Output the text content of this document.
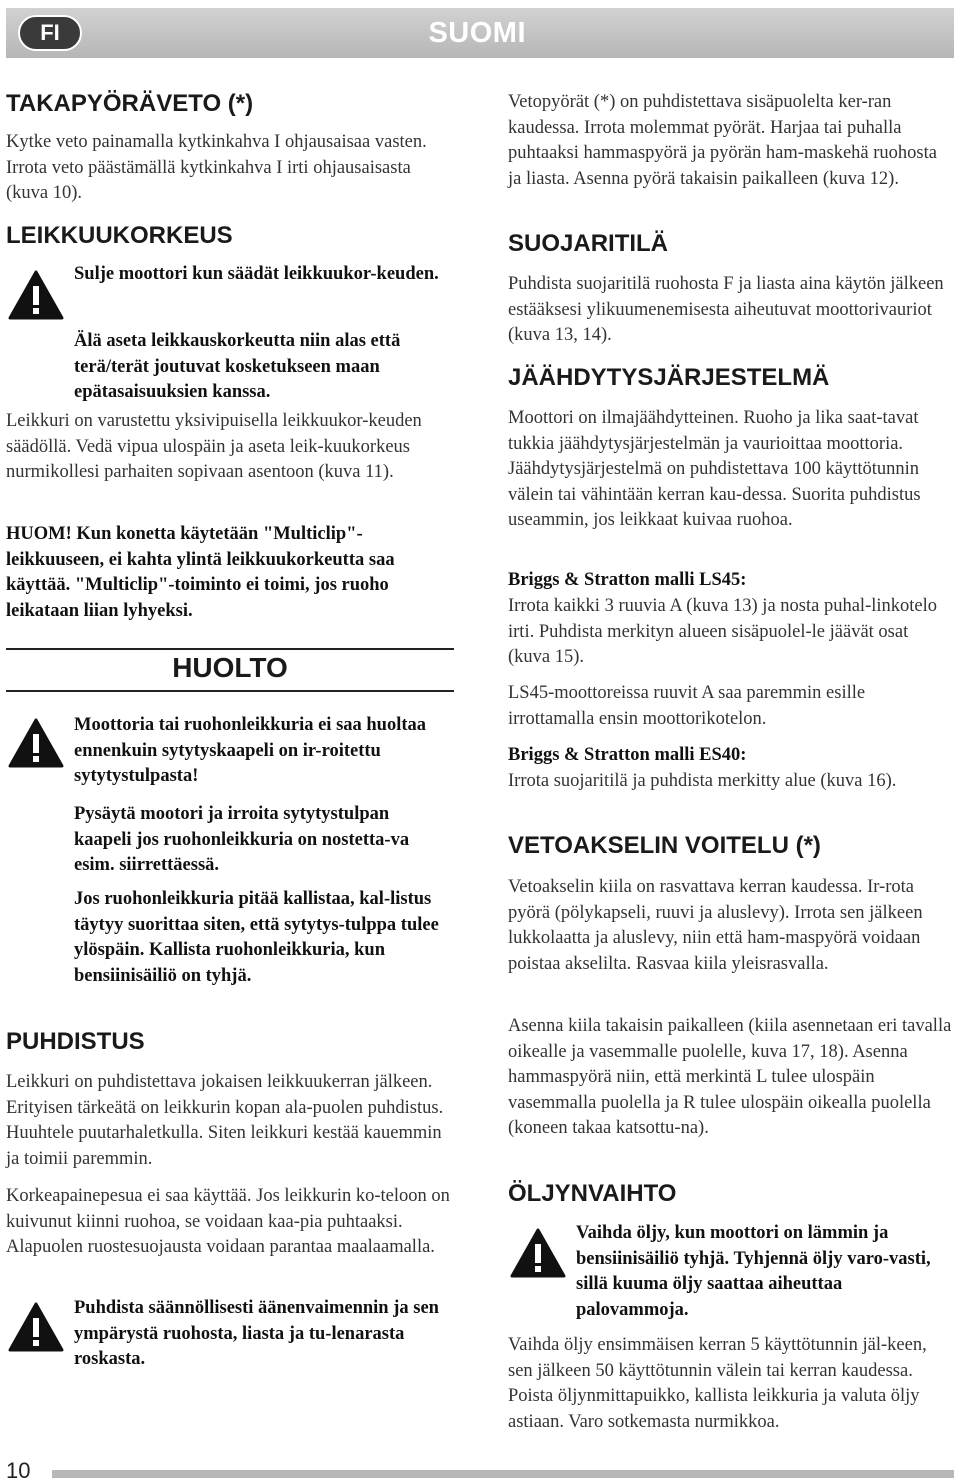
FI	SUOMI
TAKAPYÖRÄVETO (*)

Kytke veto painamalla kytkinkahva I ohjausaisaa vasten. Irrota veto päästämällä kytkinkahva I irti ohjausaisasta (kuva 10).

LEIKKUUKORKEUS

Sulje moottori kun säädät leikkuukor-keuden.

Älä aseta leikkauskorkeutta niin alas että terä/terät joutuvat kosketukseen maan epätasaisuuksien kanssa.

Leikkuri on varustettu yksivipuisella leikkuukor-keuden säädöllä. Vedä vipua ulospäin ja aseta leik-kuukorkeus nurmikollesi parhaiten sopivaan asentoon (kuva 11).

HUOM! Kun konetta käytetään "Multiclip"-leikkuuseen, ei kahta ylintä leikkuukorkeutta saa käyttää. "Multiclip"-toiminto ei toimi, jos ruoho leikataan liian lyhyeksi.

HUOLTO

Moottoria tai ruohonleikkuria ei saa huoltaa ennenkuin sytytyskaapeli on ir-roitettu sytytystulpasta!

Pysäytä mootori ja irroita sytytystulpan kaapeli jos ruohonleikkuria on nostetta-va esim. siirrettäessä.

Jos ruohonleikkuria pitää kallistaa, kal-listus täytyy suorittaa siten, että sytytys-tulppa tulee ylöspäin. Kallista ruohonleikkuria, kun bensiinisäiliö on tyhjä.

PUHDISTUS

Leikkuri on puhdistettava jokaisen leikkuukerran jälkeen. Erityisen tärkeätä on leikkurin kopan ala-puolen puhdistus. Huuhtele puutarhaletkulla. Siten leikkuri kestää kauemmin ja toimii paremmin.

Korkeapainepesua ei saa käyttää. Jos leikkurin ko-teloon on kuivunut kiinni ruohoa, se voidaan kaa-pia puhtaaksi. Alapuolen ruostesuojausta voidaan parantaa maalaamalla.

Puhdista säännöllisesti äänenvaimennin ja sen ympärystä ruohosta, liasta ja tu-lenarasta roskasta.

Vetopyörät (*) on puhdistettava sisäpuolelta ker-ran kaudessa. Irrota molemmat pyörät. Harjaa tai puhalla puhtaaksi hammaspyörä ja pyörän ham-maskehä ruohosta ja liasta. Asenna pyörä takaisin paikalleen (kuva 12).

SUOJARITILÄ

Puhdista suojaritilä ruohosta F ja liasta aina käytön jälkeen estääksesi ylikuumenemisesta aiheutuvat moottorivauriot (kuva 13, 14).

JÄÄHDYTYSJÄRJESTELMÄ

Moottori on ilmajäähdytteinen. Ruoho ja lika saat-tavat tukkia jäähdytysjärjestelmän ja vaurioittaa moottoria. Jäähdytysjärjestelmä on puhdistettava 100 käyttötunnin välein tai vähintään kerran kau-dessa. Suorita puhdistus useammin, jos leikkaat kuivaa ruohoa.

Briggs & Stratton malli LS45:

Irrota kaikki 3 ruuvia A (kuva 13) ja nosta puhal-linkotelo irti. Puhdista merkityn alueen sisäpuolel-le jäävät osat (kuva 15).

LS45-moottoreissa ruuvit A saa paremmin esille irrottamalla ensin moottorikotelon.

Briggs & Stratton malli ES40:

Irrota suojaritilä ja puhdista merkitty alue (kuva 16).

VETOAKSELIN VOITELU (*)

Vetoakselin kiila on rasvattava kerran kaudessa. Ir-rota pyörä (pölykapseli, ruuvi ja aluslevy). Irrota sen jälkeen lukkolaatta ja aluslevy, niin että ham-maspyörä voidaan poistaa akselilta. Rasvaa kiila yleisrasvalla.

Asenna kiila takaisin paikalleen (kiila asennetaan eri tavalla oikealle ja vasemmalle puolelle, kuva 17, 18). Asenna hammaspyörä niin, että merkintä L tulee ulospäin vasemmalla puolella ja R tulee ulospäin oikealla puolella (koneen takaa katsottu-na).

ÖLJYNVAIHTO

Vaihda öljy, kun moottori on lämmin ja bensiinisäiliö tyhjä. Tyhjennä öljy varo-vasti, sillä kuuma öljy saattaa aiheuttaa palovammoja.

Vaihda öljy ensimmäisen kerran 5 käyttötunnin jäl-keen, sen jälkeen 50 käyttötunnin välein tai kerran kaudessa. Poista öljynmittapuikko, kallista leikkuria ja valuta öljy astiaan. Varo sotkemasta nurmikkoa.

10
